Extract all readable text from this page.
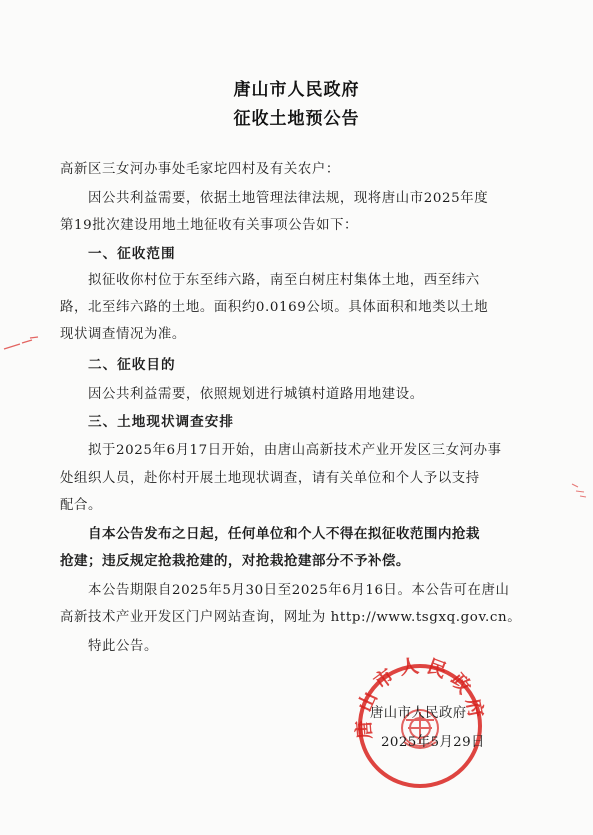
唐山市人民政府
征收土地预公告
高新区三女河办事处毛家坨四村及有关农户：
因公共利益需要，依据土地管理法律法规，现将唐山市2025年度
第19批次建设用地土地征收有关事项公告如下：
一、征收范围
拟征收你村位于东至纬六路，南至白树庄村集体土地，西至纬六
路，北至纬六路的土地。面积约0.0169公顷。具体面积和地类以土地
现状调查情况为准。
二、征收目的
因公共利益需要，依照规划进行城镇村道路用地建设。
三、土地现状调查安排
拟于2025年6月17日开始，由唐山高新技术产业开发区三女河办事
处组织人员，赴你村开展土地现状调查，请有关单位和个人予以支持
配合。
自本公告发布之日起，任何单位和个人不得在拟征收范围内抢栽
抢建；违反规定抢栽抢建的，对抢栽抢建部分不予补偿。
本公告期限自2025年5月30日至2025年6月16日。本公告可在唐山
高新技术产业开发区门户网站查询，网址为 http://www.tsgxq.gov.cn。
特此公告。
唐山市人民政府
唐山市人民政府
2025年5月29日
